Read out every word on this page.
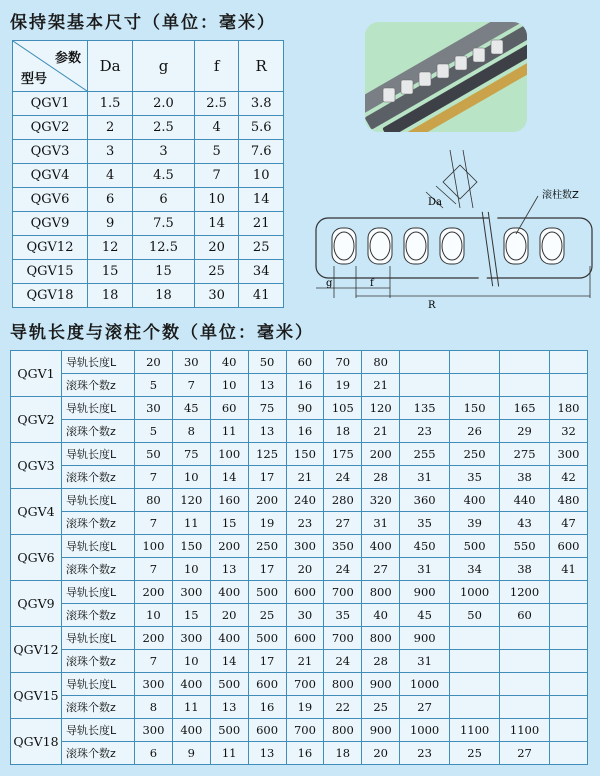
保持架基本尺寸（单位：毫米）
参数
型号	Da	g	f	R
QGV1	1.5	2.0	2.5	3.8
QGV2	2	2.5	4	5.6
QGV3	3	3	5	7.6
QGV4	4	4.5	7	10
QGV6	6	6	10	14
QGV9	9	7.5	14	21
QGV12	12	12.5	20	25
QGV15	15	15	25	34
QGV18	18	18	30	41
Da
滚柱数Z
g	f
R
导轨长度与滚柱个数（单位：毫米）
QGV1	导轨长度L	20	30	40	50	60	70	80				
	滚珠个数z	5	7	10	13	16	19	21				
QGV2	导轨长度L	30	45	60	75	90	105	120	135	150	165	180
	滚珠个数z	5	8	11	13	16	18	21	23	26	29	32
QGV3	导轨长度L	50	75	100	125	150	175	200	255	250	275	300
	滚珠个数z	7	10	14	17	21	24	28	31	35	38	42
QGV4	导轨长度L	80	120	160	200	240	280	320	360	400	440	480
	滚珠个数z	7	11	15	19	23	27	31	35	39	43	47
QGV6	导轨长度L	100	150	200	250	300	350	400	450	500	550	600
	滚珠个数z	7	10	13	17	20	24	27	31	34	38	41
QGV9	导轨长度L	200	300	400	500	600	700	800	900	1000	1200	
	滚珠个数z	10	15	20	25	30	35	40	45	50	60	
QGV12	导轨长度L	200	300	400	500	600	700	800	900			
	滚珠个数z	7	10	14	17	21	24	28	31			
QGV15	导轨长度L	300	400	500	600	700	800	900	1000			
	滚珠个数z	8	11	13	16	19	22	25	27			
QGV18	导轨长度L	300	400	500	600	700	800	900	1000	1100	1100	
	滚珠个数z	6	9	11	13	16	18	20	23	25	27	
